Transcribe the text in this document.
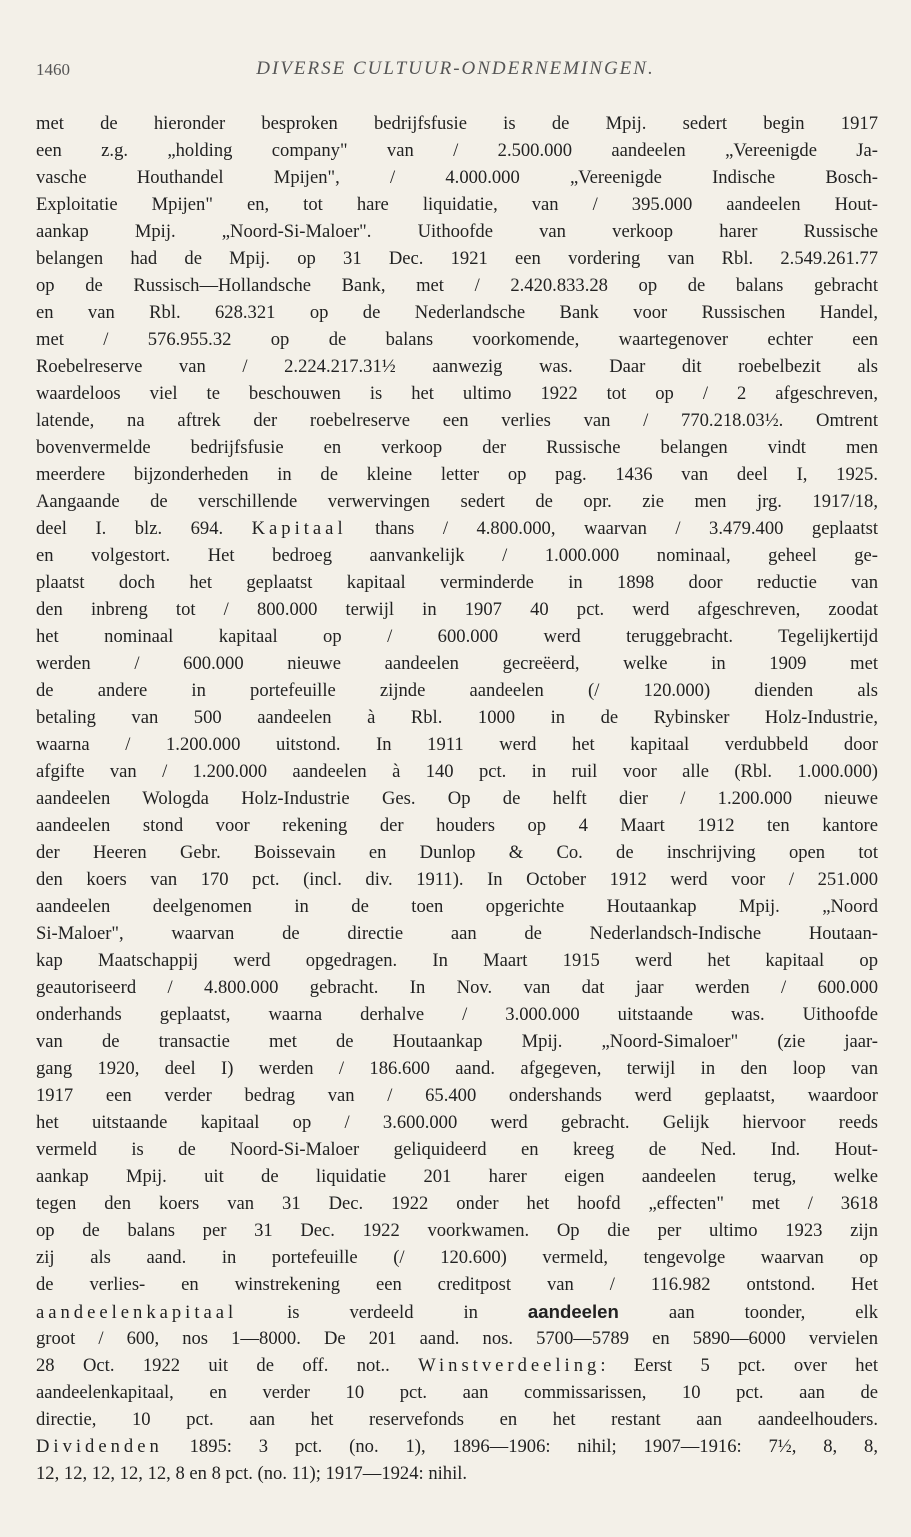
1460	DIVERSE CULTUUR-ONDERNEMINGEN.
met de hieronder besproken bedrijfsfusie is de Mpij. sedert begin 1917
een z.g. „holding company" van / 2.500.000 aandeelen „Vereenigde Ja-
vasche Houthandel Mpijen", / 4.000.000 „Vereenigde Indische Bosch-
Exploitatie Mpijen" en, tot hare liquidatie, van / 395.000 aandeelen Hout-
aankap Mpij. „Noord-Si-Maloer". Uithoofde van verkoop harer Russische
belangen had de Mpij. op 31 Dec. 1921 een vordering van Rbl. 2.549.261.77
op de Russisch—Hollandsche Bank, met / 2.420.833.28 op de balans gebracht
en van Rbl. 628.321 op de Nederlandsche Bank voor Russischen Handel,
met / 576.955.32 op de balans voorkomende, waartegenover echter een
Roebelreserve van / 2.224.217.31½ aanwezig was. Daar dit roebelbezit als
waardeloos viel te beschouwen is het ultimo 1922 tot op / 2 afgeschreven,
latende, na aftrek der roebelreserve een verlies van / 770.218.03½. Omtrent
bovenvermelde bedrijfsfusie en verkoop der Russische belangen vindt men
meerdere bijzonderheden in de kleine letter op pag. 1436 van deel I, 1925.
Aangaande de verschillende verwervingen sedert de opr. zie men jrg. 1917/18,
deel I. blz. 694. Kapitaal thans / 4.800.000, waarvan / 3.479.400 geplaatst
en volgestort. Het bedroeg aanvankelijk / 1.000.000 nominaal, geheel ge-
plaatst doch het geplaatst kapitaal verminderde in 1898 door reductie van
den inbreng tot / 800.000 terwijl in 1907 40 pct. werd afgeschreven, zoodat
het nominaal kapitaal op / 600.000 werd teruggebracht. Tegelijkertijd
werden / 600.000 nieuwe aandeelen gecreëerd, welke in 1909 met
de andere in portefeuille zijnde aandeelen (/ 120.000) dienden als
betaling van 500 aandeelen à Rbl. 1000 in de Rybinsker Holz-Industrie,
waarna / 1.200.000 uitstond. In 1911 werd het kapitaal verdubbeld door
afgifte van / 1.200.000 aandeelen à 140 pct. in ruil voor alle (Rbl. 1.000.000)
aandeelen Wologda Holz-Industrie Ges. Op de helft dier / 1.200.000 nieuwe
aandeelen stond voor rekening der houders op 4 Maart 1912 ten kantore
der Heeren Gebr. Boissevain en Dunlop & Co. de inschrijving open tot
den koers van 170 pct. (incl. div. 1911). In October 1912 werd voor / 251.000
aandeelen deelgenomen in de toen opgerichte Houtaankap Mpij. „Noord
Si-Maloer", waarvan de directie aan de Nederlandsch-Indische Houtaan-
kap Maatschappij werd opgedragen. In Maart 1915 werd het kapitaal op
geautoriseerd / 4.800.000 gebracht. In Nov. van dat jaar werden / 600.000
onderhands geplaatst, waarna derhalve / 3.000.000 uitstaande was. Uithoofde
van de transactie met de Houtaankap Mpij. „Noord-Simaloer" (zie jaar-
gang 1920, deel I) werden / 186.600 aand. afgegeven, terwijl in den loop van
1917 een verder bedrag van / 65.400 ondershands werd geplaatst, waardoor
het uitstaande kapitaal op / 3.600.000 werd gebracht. Gelijk hiervoor reeds
vermeld is de Noord-Si-Maloer geliquideerd en kreeg de Ned. Ind. Hout-
aankap Mpij. uit de liquidatie 201 harer eigen aandeelen terug, welke
tegen den koers van 31 Dec. 1922 onder het hoofd „effecten" met / 3618
op de balans per 31 Dec. 1922 voorkwamen. Op die per ultimo 1923 zijn
zij als aand. in portefeuille (/ 120.600) vermeld, tengevolge waarvan op
de verlies- en winstrekening een creditpost van / 116.982 ontstond. Het
aandeelenkapitaal is verdeeld in aandeelen aan toonder, elk
groot / 600, nos 1—8000. De 201 aand. nos. 5700—5789 en 5890—6000 vervielen
28 Oct. 1922 uit de off. not.. Winstverdeeling: Eerst 5 pct. over het
aandeelenkapitaal, en verder 10 pct. aan commissarissen, 10 pct. aan de
directie, 10 pct. aan het reservefonds en het restant aan aandeelhouders.
Dividenden 1895: 3 pct. (no. 1), 1896—1906: nihil; 1907—1916: 7½, 8, 8,
12, 12, 12, 12, 12, 8 en 8 pct. (no. 11); 1917—1924: nihil.
